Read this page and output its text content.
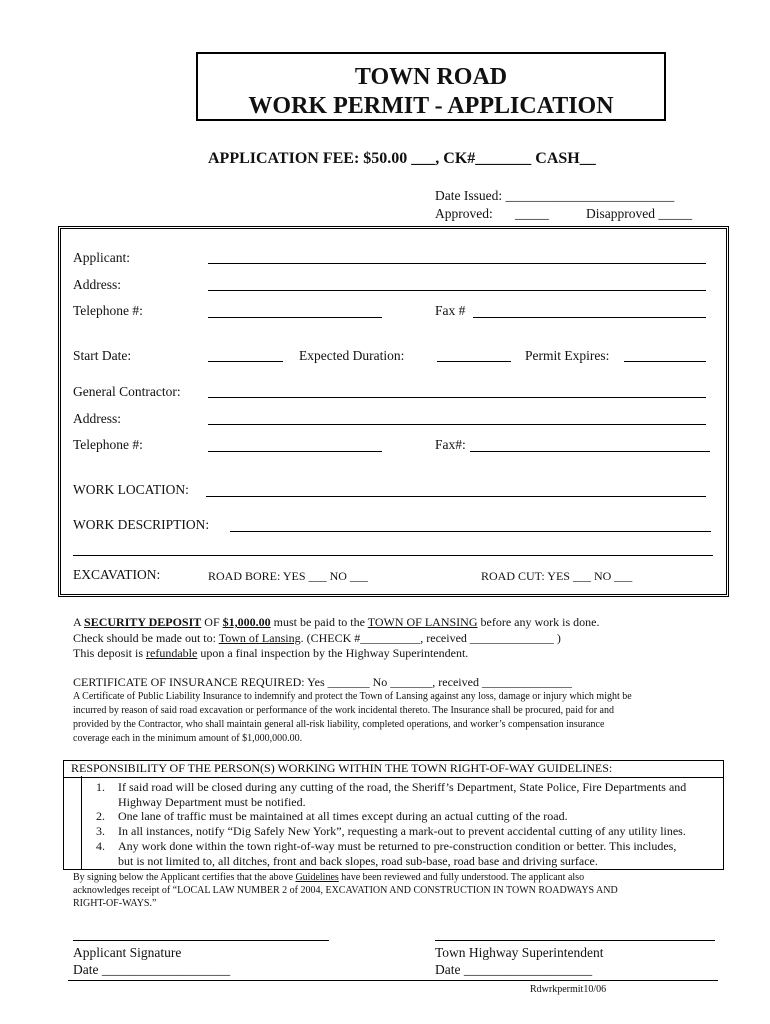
TOWN ROAD
WORK PERMIT - APPLICATION
APPLICATION FEE: $50.00 ___, CK#_______ CASH__
Date Issued: _________________________
Approved: _____	Disapproved _____
Applicant:
Address:
Telephone #:	Fax #
Start Date:	Expected Duration:	Permit Expires:
General Contractor:
Address:
Telephone #:	Fax#:
WORK LOCATION:
WORK DESCRIPTION:
EXCAVATION:	ROAD BORE: YES ___ NO ___	ROAD CUT: YES ___ NO ___
A SECURITY DEPOSIT OF $1,000.00 must be paid to the TOWN OF LANSING before any work is done.
Check should be made out to: Town of Lansing. (CHECK #__________, received ______________ )
This deposit is refundable upon a final inspection by the Highway Superintendent.
CERTIFICATE OF INSURANCE REQUIRED: Yes _______ No _______, received _______________
A Certificate of Public Liability Insurance to indemnify and protect the Town of Lansing against any loss, damage or injury which might be
incurred by reason of said road excavation or performance of the work incidental thereto. The Insurance shall be procured, paid for and
provided by the Contractor, who shall maintain general all-risk liability, completed operations, and worker’s compensation insurance
coverage each in the minimum amount of $1,000,000.00.
RESPONSIBILITY OF THE PERSON(S) WORKING WITHIN THE TOWN RIGHT-OF-WAY GUIDELINES:
1. If said road will be closed during any cutting of the road, the Sheriff’s Department, State Police, Fire Departments and
Highway Department must be notified.
2. One lane of traffic must be maintained at all times except during an actual cutting of the road.
3. In all instances, notify “Dig Safely New York”, requesting a mark-out to prevent accidental cutting of any utility lines.
4. Any work done within the town right-of-way must be returned to pre-construction condition or better. This includes,
but is not limited to, all ditches, front and back slopes, road sub-base, road base and driving surface.
By signing below the Applicant certifies that the above Guidelines have been reviewed and fully understood. The applicant also
acknowledges receipt of “LOCAL LAW NUMBER 2 of 2004, EXCAVATION AND CONSTRUCTION IN TOWN ROADWAYS AND
RIGHT-OF-WAYS.”
Applicant Signature
Date ___________________
Town Highway Superintendent
Date ___________________
Rdwrkpermit10/06
